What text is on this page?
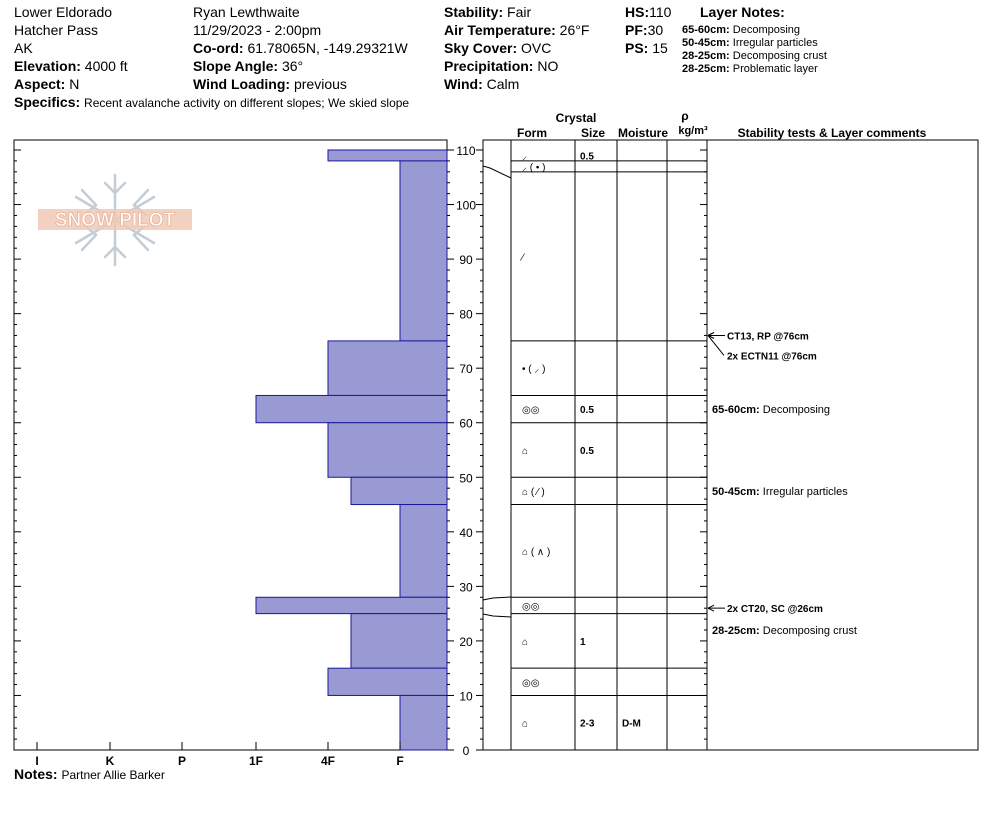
Lower Eldorado
Hatcher Pass
AK
Elevation: 4000 ft
Aspect: N
Ryan Lewthwaite
11/29/2023 - 2:00pm
Co-ord: 61.78065N, -149.29321W
Slope Angle: 36°
Wind Loading: previous
Stability: Fair
Air Temperature: 26°F
Sky Cover: OVC
Precipitation: NO
Wind: Calm
HS:110
PF:30
PS: 15
Layer Notes:
65-60cm: Decomposing
50-45cm: Irregular particles
28-25cm: Decomposing crust
28-25cm: Problematic layer
Specifics: Recent avalanche activity on different slopes; We skied slope
SNOW PILOT
0
10
20
30
40
50
60
70
80
90
100
110
I	K	P	1F	4F	F
Crystal
Form	Size Moisture
ρ
kg/m³ Stability tests & Layer comments
⸝	0.5
⸝ ( • )
⁄
• ( ⸝ )
◎◎	0.5
⌂	0.5
⌂ ( ⁄ )
⌂ ( ∧ )
◎◎
⌂	1
◎◎
⌂	2-3	D-M
CT13, RP @76cm
2x ECTN11 @76cm
2x CT20, SC @26cm
65-60cm: Decomposing
50-45cm: Irregular particles
28-25cm: Decomposing crust
Notes: Partner Allie Barker
